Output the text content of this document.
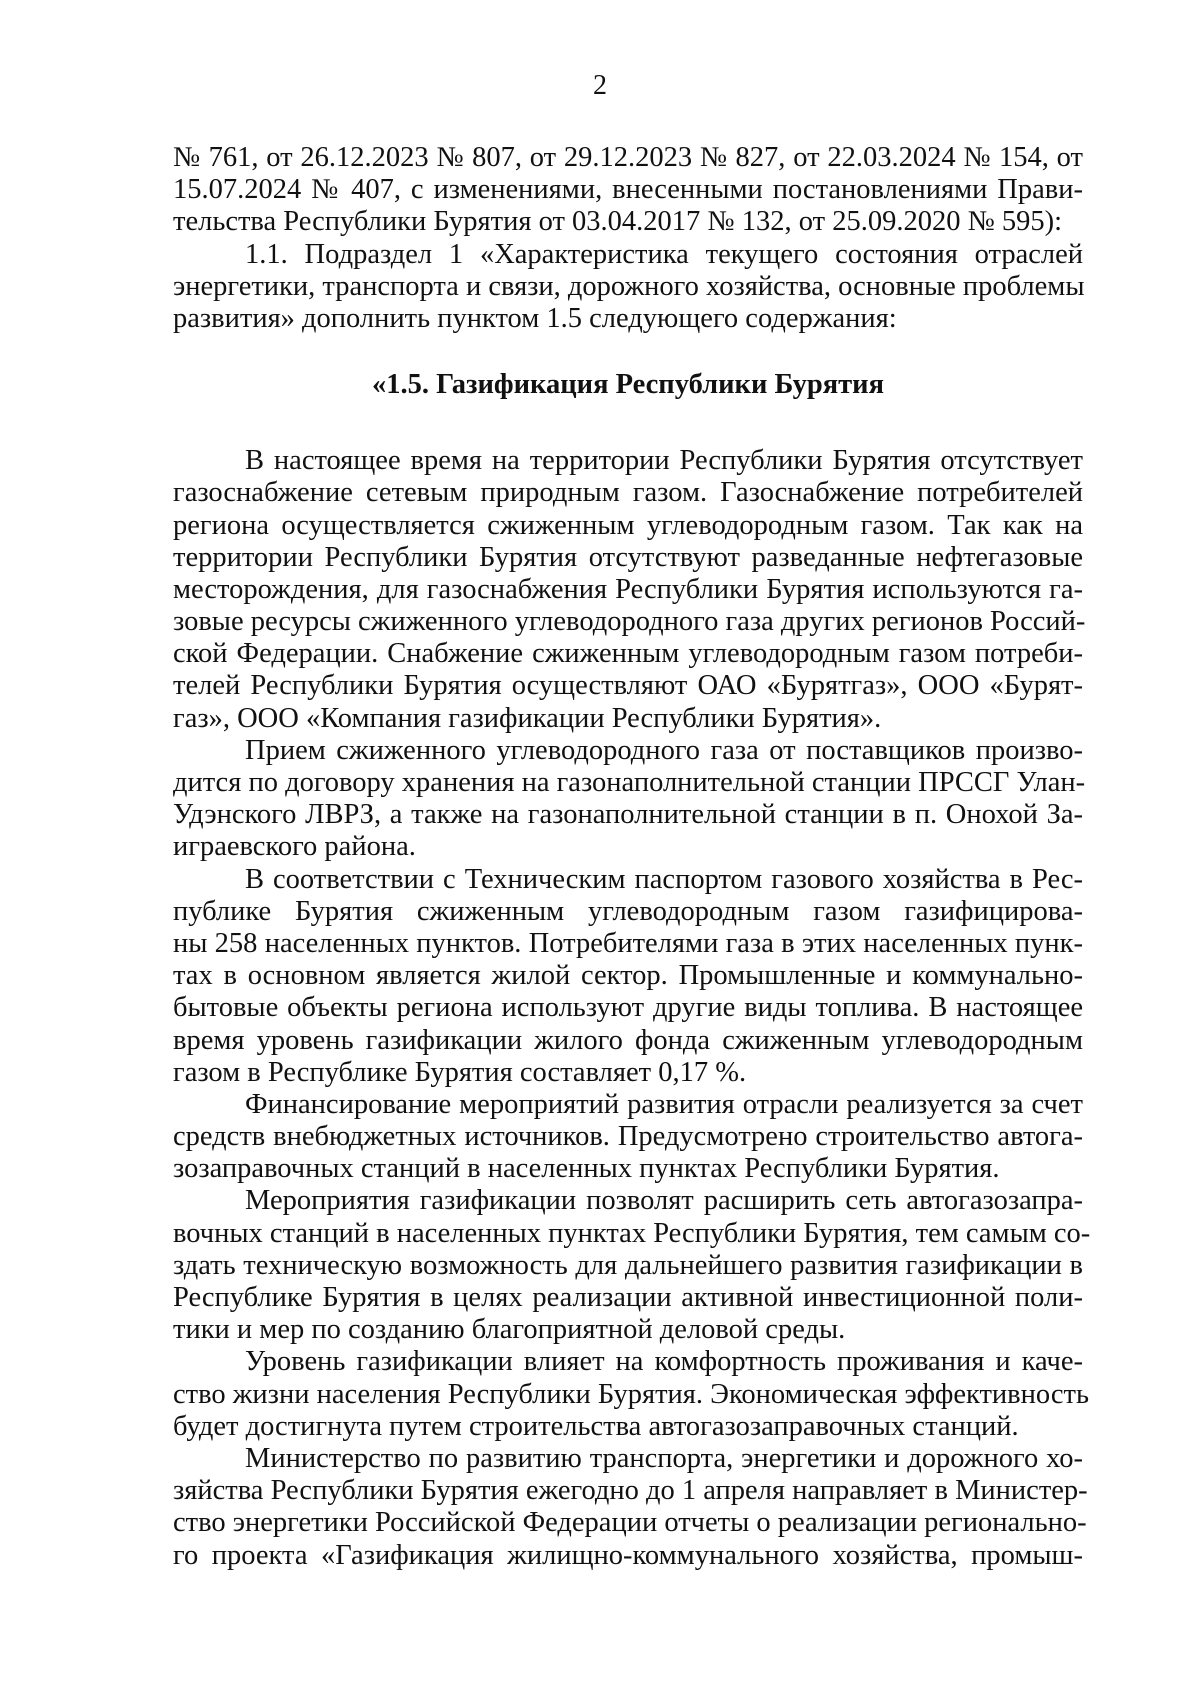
2
№ 761, от 26.12.2023 № 807, от 29.12.2023 № 827, от 22.03.2024 № 154, от
15.07.2024 № 407, с изменениями, внесенными постановлениями Прави-
тельства Республики Бурятия от 03.04.2017 № 132, от 25.09.2020 № 595):
1.1. Подраздел 1 «Характеристика текущего состояния отраслей
энергетики, транспорта и связи, дорожного хозяйства, основные проблемы
развития» дополнить пунктом 1.5 следующего содержания:
«1.5. Газификация Республики Бурятия
В настоящее время на территории Республики Бурятия отсутствует
газоснабжение сетевым природным газом. Газоснабжение потребителей
региона осуществляется сжиженным углеводородным газом. Так как на
территории Республики Бурятия отсутствуют разведанные нефтегазовые
месторождения, для газоснабжения Республики Бурятия используются га-
зовые ресурсы сжиженного углеводородного газа других регионов Россий-
ской Федерации. Снабжение сжиженным углеводородным газом потреби-
телей Республики Бурятия осуществляют ОАО «Бурятгаз», ООО «Бурят-
газ», ООО «Компания газификации Республики Бурятия».
Прием сжиженного углеводородного газа от поставщиков произво-
дится по договору хранения на газонаполнительной станции ПРССГ Улан-
Удэнского ЛВРЗ, а также на газонаполнительной станции в п. Онохой За-
играевского района.
В соответствии с Техническим паспортом газового хозяйства в Рес-
публике Бурятия сжиженным углеводородным газом газифицирова-
ны 258 населенных пунктов. Потребителями газа в этих населенных пунк-
тах в основном является жилой сектор. Промышленные и коммунально-
бытовые объекты региона используют другие виды топлива. В настоящее
время уровень газификации жилого фонда сжиженным углеводородным
газом в Республике Бурятия составляет 0,17 %.
Финансирование мероприятий развития отрасли реализуется за счет
средств внебюджетных источников. Предусмотрено строительство автога-
зозаправочных станций в населенных пунктах Республики Бурятия.
Мероприятия газификации позволят расширить сеть автогазозапра-
вочных станций в населенных пунктах Республики Бурятия, тем самым со-
здать техническую возможность для дальнейшего развития газификации в
Республике Бурятия в целях реализации активной инвестиционной поли-
тики и мер по созданию благоприятной деловой среды.
Уровень газификации влияет на комфортность проживания и каче-
ство жизни населения Республики Бурятия. Экономическая эффективность
будет достигнута путем строительства автогазозаправочных станций.
Министерство по развитию транспорта, энергетики и дорожного хо-
зяйства Республики Бурятия ежегодно до 1 апреля направляет в Министер-
ство энергетики Российской Федерации отчеты о реализации регионально-
го проекта «Газификация жилищно-коммунального хозяйства, промыш-
